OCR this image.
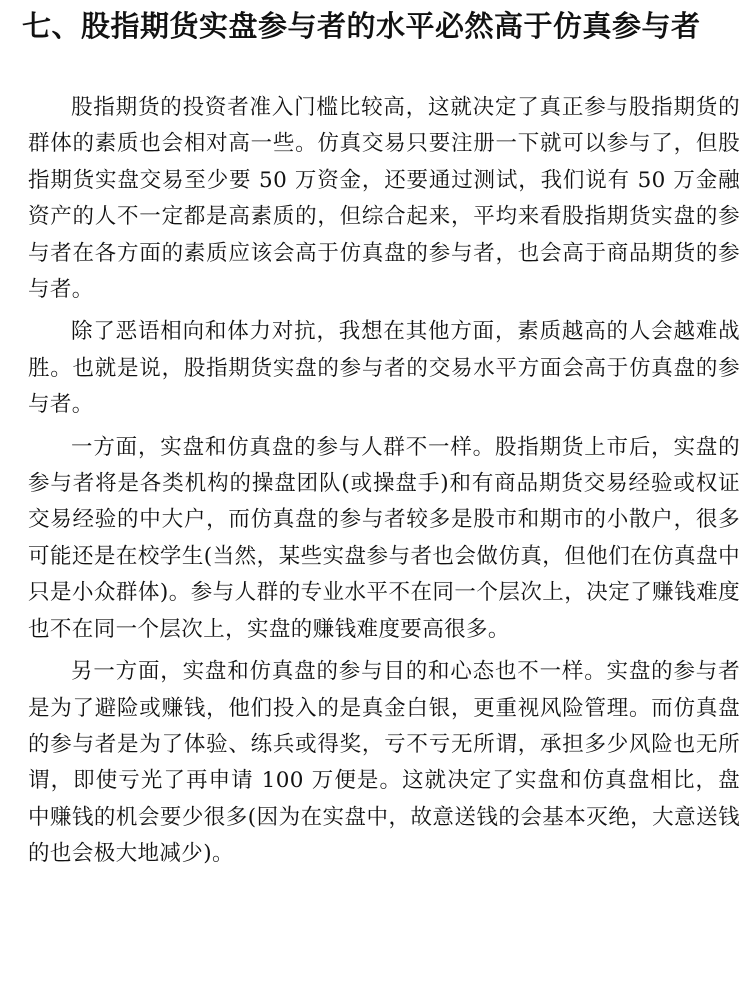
七、股指期货实盘参与者的水平必然高于仿真参与者

股指期货的投资者准入门槛比较高，这就决定了真正参与股指期货的群体的素质也会相对高一些。仿真交易只要注册一下就可以参与了，但股指期货实盘交易至少要 50 万资金，还要通过测试，我们说有 50 万金融资产的人不一定都是高素质的，但综合起来，平均来看股指期货实盘的参与者在各方面的素质应该会高于仿真盘的参与者，也会高于商品期货的参与者。

除了恶语相向和体力对抗，我想在其他方面，素质越高的人会越难战胜。也就是说，股指期货实盘的参与者的交易水平方面会高于仿真盘的参与者。

一方面，实盘和仿真盘的参与人群不一样。股指期货上市后，实盘的参与者将是各类机构的操盘团队(或操盘手)和有商品期货交易经验或权证交易经验的中大户，而仿真盘的参与者较多是股市和期市的小散户，很多可能还是在校学生(当然，某些实盘参与者也会做仿真，但他们在仿真盘中只是小众群体)。参与人群的专业水平不在同一个层次上，决定了赚钱难度也不在同一个层次上，实盘的赚钱难度要高很多。

另一方面，实盘和仿真盘的参与目的和心态也不一样。实盘的参与者是为了避险或赚钱，他们投入的是真金白银，更重视风险管理。而仿真盘的参与者是为了体验、练兵或得奖，亏不亏无所谓，承担多少风险也无所谓，即使亏光了再申请 100 万便是。这就决定了实盘和仿真盘相比，盘中赚钱的机会要少很多(因为在实盘中，故意送钱的会基本灭绝，大意送钱的也会极大地减少)。
